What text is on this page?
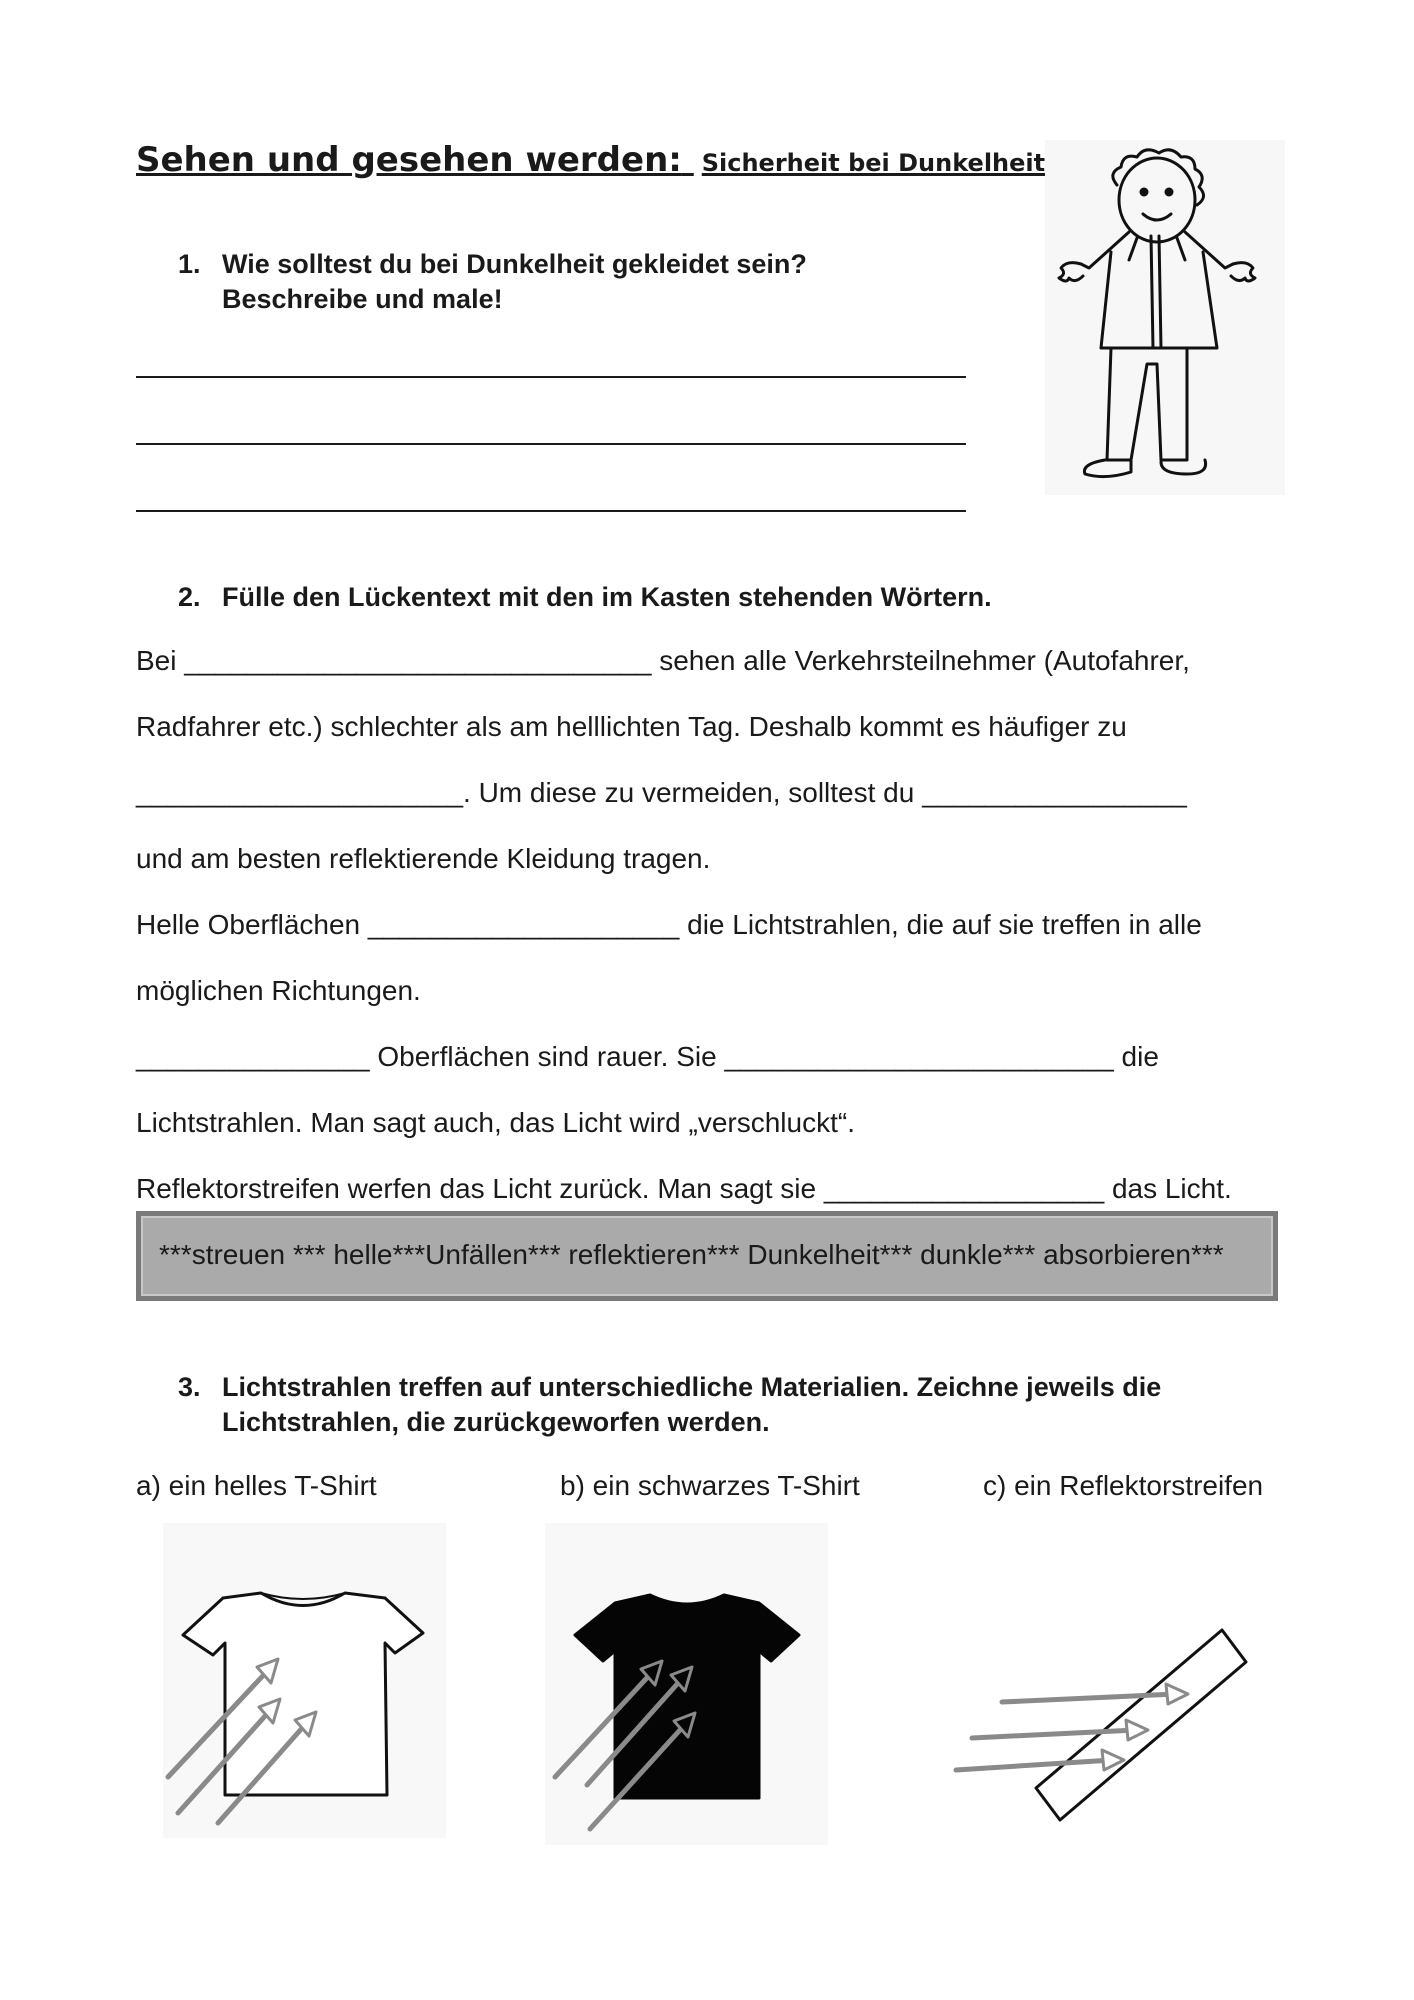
Sehen und gesehen werden: Sicherheit bei Dunkelheit
1. Wie solltest du bei Dunkelheit gekleidet sein?
Beschreibe und male!
2. Fülle den Lückentext mit den im Kasten stehenden Wörtern.
Bei ______________________________ sehen alle Verkehrsteilnehmer (Autofahrer,
Radfahrer etc.) schlechter als am helllichten Tag. Deshalb kommt es häufiger zu
_____________________. Um diese zu vermeiden, solltest du _________________
und am besten reflektierende Kleidung tragen.
Helle Oberflächen ____________________ die Lichtstrahlen, die auf sie treffen in alle
möglichen Richtungen.
_______________ Oberflächen sind rauer. Sie _________________________ die
Lichtstrahlen. Man sagt auch, das Licht wird „verschluckt“.
Reflektorstreifen werfen das Licht zurück. Man sagt sie __________________ das Licht.
***streuen *** helle***Unfällen*** reflektieren*** Dunkelheit*** dunkle*** absorbieren***
3. Lichtstrahlen treffen auf unterschiedliche Materialien. Zeichne jeweils die
Lichtstrahlen, die zurückgeworfen werden.
a) ein helles T-Shirt	b) ein schwarzes T-Shirt	c) ein Reflektorstreifen
